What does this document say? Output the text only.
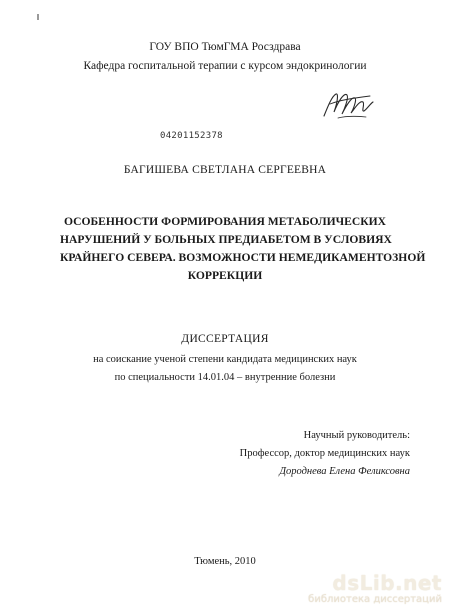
ГОУ ВПО ТюмГМА Росздрава
Кафедра госпитальной терапии с курсом эндокринологии
04201152378
БАГИШЕВА СВЕТЛАНА СЕРГЕЕВНА
ОСОБЕННОСТИ ФОРМИРОВАНИЯ МЕТАБОЛИЧЕСКИХ
НАРУШЕНИЙ У БОЛЬНЫХ ПРЕДИАБЕТОМ В УСЛОВИЯХ
КРАЙНЕГО СЕВЕРА. ВОЗМОЖНОСТИ НЕМЕДИКАМЕНТОЗНОЙ
КОРРЕКЦИИ
ДИССЕРТАЦИЯ
на соискание ученой степени кандидата медицинских наук
по специальности 14.01.04 – внутренние болезни
Научный руководитель:
Профессор, доктор медицинских наук
Дороднева Елена Феликсовна
Тюмень, 2010
dsLib.net
библиотека диссертаций
